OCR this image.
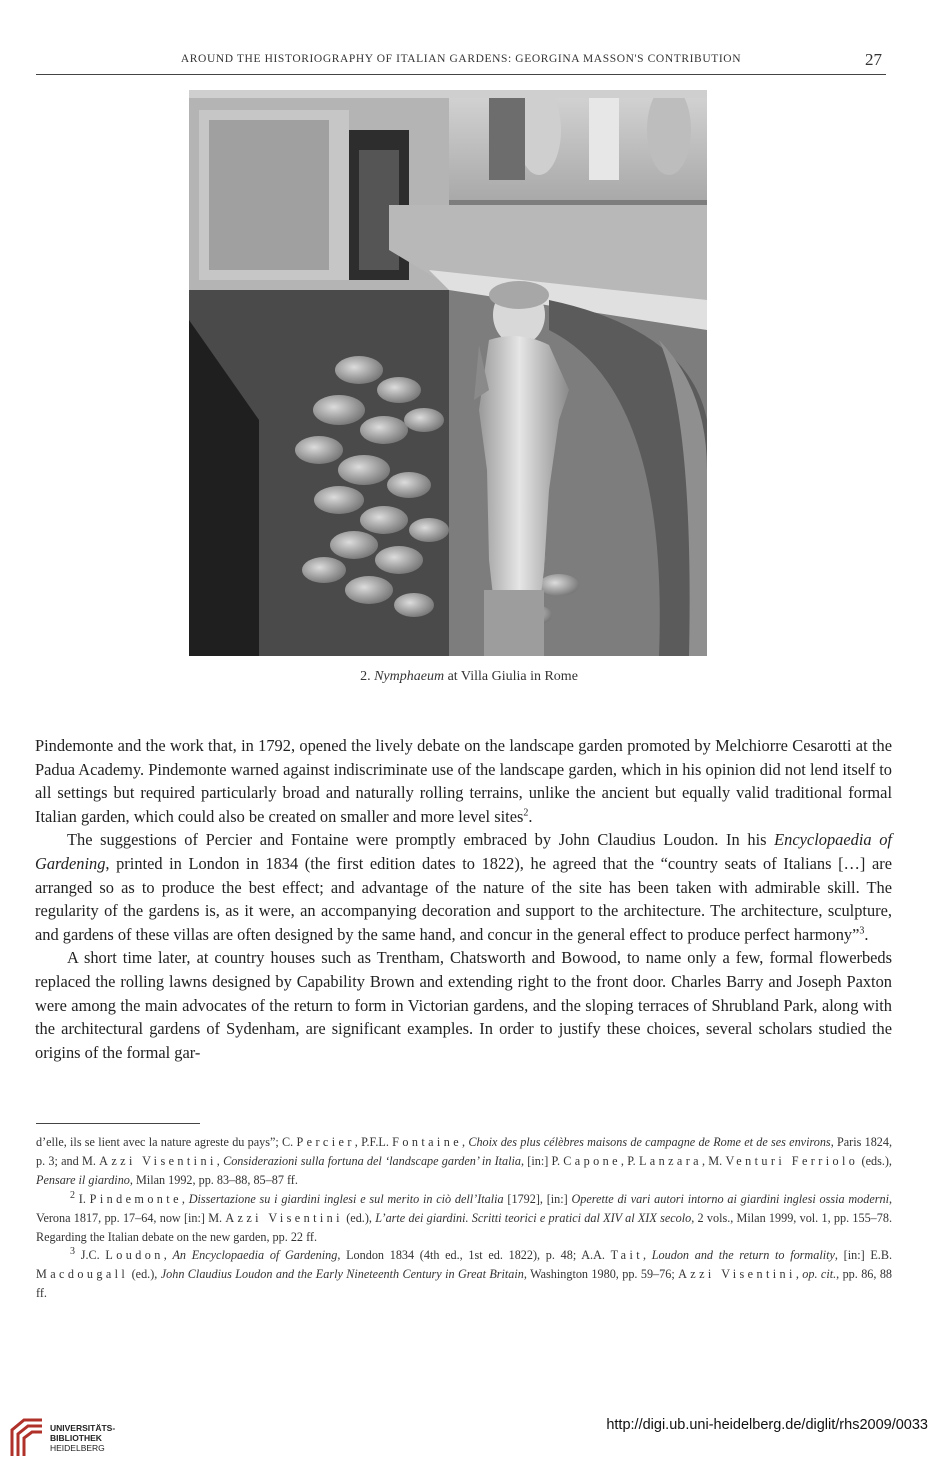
AROUND THE HISTORIOGRAPHY OF ITALIAN GARDENS: GEORGINA MASSON'S CONTRIBUTION	27
2. Nymphaeum at Villa Giulia in Rome

Pindemonte and the work that, in 1792, opened the lively debate on the landscape garden promoted by Melchiorre Cesarotti at the Padua Academy. Pindemonte warned against indiscriminate use of the landscape garden, which in his opinion did not lend itself to all settings but required particularly broad and naturally rolling terrains, unlike the ancient but equally valid traditional formal Italian garden, which could also be created on smaller and more level sites$^2$.

The suggestions of Percier and Fontaine were promptly embraced by John Claudius Loudon. In his Encyclopaedia of Gardening, printed in London in 1834 (the first edition dates to 1822), he agreed that the “country seats of Italians […] are arranged so as to produce the best effect; and advantage of the nature of the site has been taken with admirable skill. The regularity of the gardens is, as it were, an accompanying decoration and support to the architecture. The architecture, sculpture, and gardens of these villas are often designed by the same hand, and concur in the general effect to produce perfect harmony”$^3$.

A short time later, at country houses such as Trentham, Chatsworth and Bowood, to name only a few, formal flowerbeds replaced the rolling lawns designed by Capability Brown and extending right to the front door. Charles Barry and Joseph Paxton were among the main advocates of the return to form in Victorian gardens, and the sloping terraces of Shrubland Park, along with the architectural gardens of Sydenham, are significant examples. In order to justify these choices, several scholars studied the origins of the formal gar-

d’elle, ils se lient avec la nature agreste du pays”; C. Percier, P.F.L. Fontaine, Choix des plus célèbres maisons de campagne de Rome et de ses environs, Paris 1824, p. 3; and M. Azzi Visentini, Considerazioni sulla fortuna del ‘landscape garden’ in Italia, [in:] P. Capone, P. Lanzara, M. Venturi Ferriolo (eds.), Pensare il giardino, Milan 1992, pp. 83–88, 85–87 ff.

$^2$ I. Pindemonte, Dissertazione su i giardini inglesi e sul merito in ciò dell’Italia [1792], [in:] Operette di vari autori intorno ai giardini inglesi ossia moderni, Verona 1817, pp. 17–64, now [in:] M. Azzi Visentini (ed.), L’arte dei giardini. Scritti teorici e pratici dal XIV al XIX secolo, 2 vols., Milan 1999, vol. 1, pp. 155–78. Regarding the Italian debate on the new garden, pp. 22 ff.

$^3$ J.C. Loudon, An Encyclopaedia of Gardening, London 1834 (4th ed., 1st ed. 1822), p. 48; A.A. Tait, Loudon and the return to formality, [in:] E.B. Macdougall (ed.), John Claudius Loudon and the Early Nineteenth Century in Great Britain, Washington 1980, pp. 59–76; Azzi Visentini, op. cit., pp. 86, 88 ff.

UNIVERSITÄTS-
BIBLIOTHEK
HEIDELBERG
http://digi.ub.uni-heidelberg.de/diglit/rhs2009/0033
